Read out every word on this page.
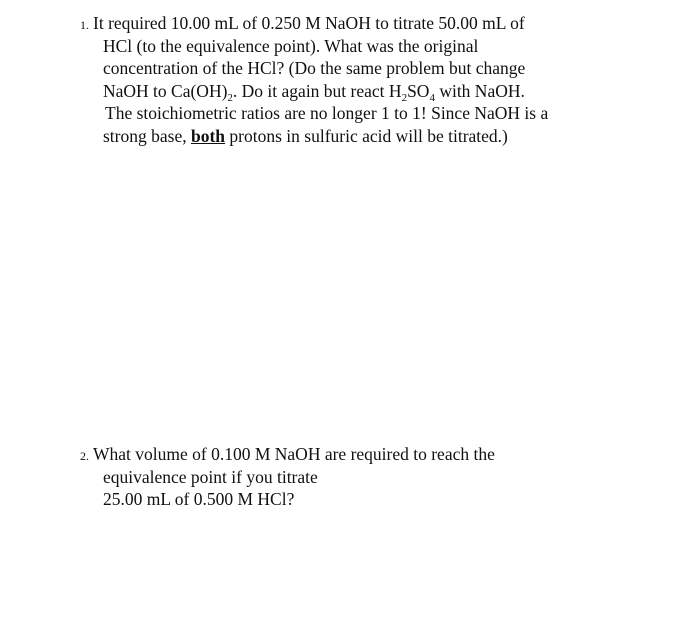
1. It required 10.00 mL of 0.250 M NaOH to titrate 50.00 mL of
HCl (to the equivalence point). What was the original
concentration of the HCl? (Do the same problem but change
NaOH to $Ca(OH)_2$. Do it again but react $H_2SO_4$ with NaOH.
The stoichiometric ratios are no longer 1 to 1! Since NaOH is a
strong base, both protons in sulfuric acid will be titrated.)
2. What volume of 0.100 M NaOH are required to reach the
equivalence point if you titrate
25.00 mL of 0.500 M HCl?
